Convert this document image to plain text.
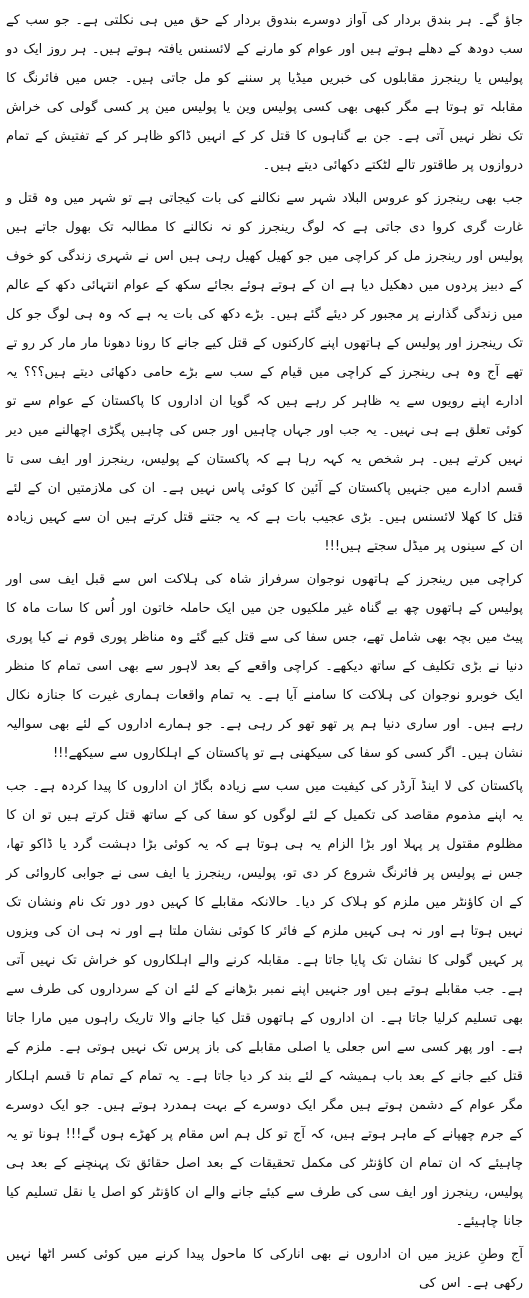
جاؤ گے۔ ہر بندق بردار کی آواز دوسرے بندوق بردار کے حق میں ہی نکلتی ہے۔ جو سب کے سب دودھ کے دھلے ہوتے ہیں اور عوام کو مارنے کے لائسنس یافتہ ہوتے ہیں۔ ہر روز ایک دو پولیس یا رینجرز مقابلوں کی خبریں میڈیا پر سننے کو مل جاتی ہیں۔ جس میں فائرنگ کا مقابلہ تو ہوتا ہے مگر کبھی بھی کسی پولیس وین یا پولیس مین پر کسی گولی کی خراش تک نظر نہیں آتی ہے۔ جن بے گناہوں کا قتل کر کے انہیں ڈاکو ظاہر کر کے تفتیش کے تمام دروازوں پر طاقتور تالے لٹکتے دکھائی دیتے ہیں۔

جب بھی رینجرز کو عروس البلاد شہر سے نکالنے کی بات کیجاتی ہے تو شہر میں وہ قتل و غارت گری کروا دی جاتی ہے کہ لوگ رینجرز کو نہ نکالنے کا مطالبہ تک بھول جاتے ہیں پولیس اور رینجرز مل کر کراچی میں جو کھیل کھیل رہی ہیں اس نے شہری زندگی کو خوف کے دبیز پردوں میں دھکیل دیا ہے ان کے ہوتے ہوئے بجائے سکھ کے عوام انتہائی دکھ کے عالم میں زندگی گذارنے پر مجبور کر دیئے گئے ہیں۔ بڑے دکھ کی بات یہ ہے کہ وہ ہی لوگ جو کل تک رینجرز اور پولیس کے ہاتھوں اپنے کارکنوں کے قتل کیے جانے کا رونا دھونا مار مار کر رو تے تھے آج وہ ہی رینجرز کے کراچی میں قیام کے سب سے بڑے حامی دکھائی دیتے ہیں؟؟؟ یہ ادارے اپنے رویوں سے یہ ظاہر کر رہے ہیں کہ گویا ان اداروں کا پاکستان کے عوام سے تو کوئی تعلق ہے ہی نہیں۔ یہ جب اور جہاں چاہیں اور جس کی چاہیں پگڑی اچھالنے میں دیر نہیں کرتے ہیں۔ ہر شخص یہ کہہ رہا ہے کہ پاکستان کے پولیس، رینجرز اور ایف سی تا قسم ادارے میں جنہیں پاکستان کے آئین کا کوئی پاس نہیں ہے۔ ان کی ملازمتیں ان کے لئے قتل کا کھلا لائسنس ہیں۔ بڑی عجیب بات ہے کہ یہ جتنے قتل کرتے ہیں ان سے کہیں زیادہ ان کے سینوں پر میڈل سجتے ہیں!!!

کراچی میں رینجرز کے ہاتھوں نوجوان سرفراز شاہ کی ہلاکت اس سے قبل ایف سی اور پولیس کے ہاتھوں چھ بے گناہ غیر ملکیوں جن میں ایک حاملہ خاتون اور اُس کا سات ماہ کا پیٹ میں بچہ بھی شامل تھے، جس سفا کی سے قتل کیے گئے وہ مناظر پوری قوم نے کیا پوری دنیا نے بڑی تکلیف کے ساتھ دیکھے۔ کراچی واقعے کے بعد لاہور سے بھی اسی تمام کا منظر ایک خوبرو نوجوان کی ہلاکت کا سامنے آیا ہے۔ یہ تمام واقعات ہماری غیرت کا جنازہ نکال رہے ہیں۔ اور ساری دنیا ہم پر تھو تھو کر رہی ہے۔ جو ہمارے اداروں کے لئے بھی سوالیہ نشان ہیں۔ اگر کسی کو سفا کی سیکھنی ہے تو پاکستان کے اہلکاروں سے سیکھے!!!

پاکستان کی لا اینڈ آرڈر کی کیفیت میں سب سے زیادہ بگاڑ ان اداروں کا پیدا کردہ ہے۔ جب یہ اپنے مذموم مقاصد کی تکمیل کے لئے لوگوں کو سفا کی کے ساتھ قتل کرتے ہیں تو ان کا مظلوم مقتول پر پہلا اور بڑا الزام یہ ہی ہوتا ہے کہ یہ کوئی بڑا دہشت گرد یا ڈاکو تھا، جس نے پولیس پر فائرنگ شروع کر دی تو، پولیس، رینجرز یا ایف سی نے جوابی کاروائی کر کے ان کاؤنٹر میں ملزم کو ہلاک کر دیا۔ حالانکہ مقابلے کا کہیں دور دور تک نام ونشان تک نہیں ہوتا ہے اور نہ ہی کہیں ملزم کے فائر کا کوئی نشان ملتا ہے اور نہ ہی ان کی ویزوں پر کہیں گولی کا نشان تک پایا جاتا ہے۔ مقابلہ کرنے والے اہلکاروں کو خراش تک نہیں آتی ہے۔ جب مقابلے ہوتے ہیں اور جنہیں اپنے نمبر بڑھانے کے لئے ان کے سرداروں کی طرف سے بھی تسلیم کرلیا جاتا ہے۔ ان اداروں کے ہاتھوں قتل کیا جانے والا تاریک راہوں میں مارا جاتا ہے۔ اور پھر کسی سے اس جعلی یا اصلی مقابلے کی باز پرس تک نہیں ہوتی ہے۔ ملزم کے قتل کیے جانے کے بعد باب ہمیشہ کے لئے بند کر دیا جاتا ہے۔ یہ تمام کے تمام تا قسم اہلکار مگر عوام کے دشمن ہوتے ہیں مگر ایک دوسرے کے بہت ہمدرد ہوتے ہیں۔ جو ایک دوسرے کے جرم چھپانے کے ماہر ہوتے ہیں، کہ آج تو کل ہم اس مقام پر کھڑے ہوں گے!!! ہونا تو یہ چاہیئے کہ ان تمام ان کاؤنٹر کی مکمل تحقیقات کے بعد اصل حقائق تک پہنچنے کے بعد ہی پولیس، رینجرز اور ایف سی کی طرف سے کیئے جانے والے ان کاؤنٹر کو اصل یا نقل تسلیم کیا جانا چاہیئے۔

آج وطنِ عزیز میں ان اداروں نے بھی انارکی کا ماحول پیدا کرنے میں کوئی کسر اٹھا نہیں رکھی ہے۔ اس کی
